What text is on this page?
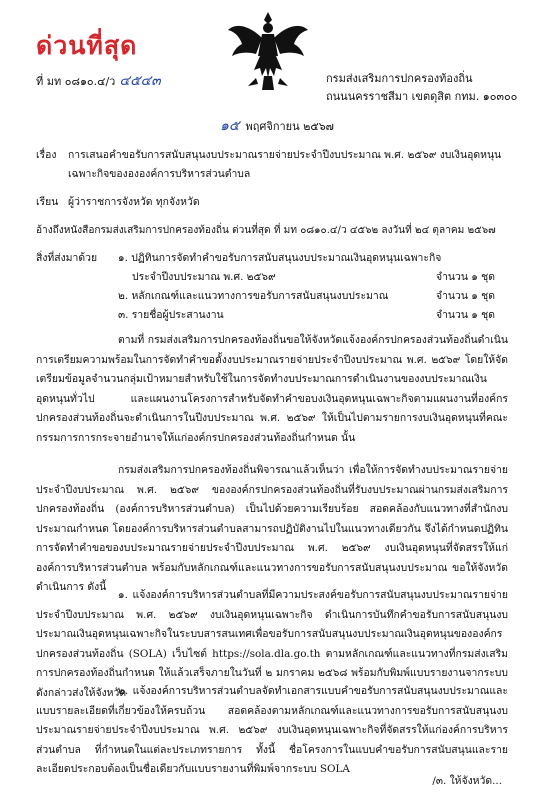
ด่วนที่สุด
ที่ มท ๐๘๑๐.๔/ว ๔๕๔๓	กรมส่งเสริมการปกครองท้องถิ่น
ถนนนครราชสีมา เขตดุสิต กทม. ๑๐๓๐๐
๑๕ พฤศจิกายน ๒๕๖๗
เรื่อง การเสนอคำขอรับการสนับสนุนงบประมาณรายจ่ายประจำปีงบประมาณ พ.ศ. ๒๕๖๙ งบเงินอุดหนุน
เฉพาะกิจของององค์การบริหารส่วนตำบล
เรียน ผู้ว่าราชการจังหวัด ทุกจังหวัด
อ้างถึงหนังสือกรมส่งเสริมการปกครองท้องถิ่น ด่วนที่สุด ที่ มท ๐๘๑๐.๔/ว ๔๕๖๒ ลงวันที่ ๒๔ ตุลาคม ๒๕๖๗
สิ่งที่ส่งมาด้วย	๑. ปฏิทินการจัดทำคำขอรับการสนับสนุนงบประมาณเงินอุดหนุนเฉพาะกิจ
ประจำปีงบประมาณ พ.ศ. ๒๕๖๙	จำนวน ๑ ชุด
๒. หลักเกณฑ์และแนวทางการขอรับการสนับสนุนงบประมาณ	จำนวน ๑ ชุด
๓. รายชื่อผู้ประสานงาน	จำนวน ๑ ชุด

ตามที่ กรมส่งเสริมการปกครองท้องถิ่นขอให้จังหวัดแจ้งองค์กรปกครองส่วนท้องถิ่นดำเนินการเตรียมความพร้อมในการจัดทำคำขอตั้งงบประมาณรายจ่ายประจำปีงบประมาณ พ.ศ. ๒๕๖๙ โดยให้จัดเตรียมข้อมูลจำนวนกลุ่มเป้าหมายสำหรับใช้ในการจัดทำงบประมาณการดำเนินงานของงบประมาณเงินอุดหนุนทั่วไป และแผนงานโครงการสำหรับจัดทำคำขอบงเงินอุดหนุนเฉพาะกิจตามแผนงานที่องค์กรปกครองส่วนท้องถิ่นจะดำเนินการในปีงบประมาณ พ.ศ. ๒๕๖๙ ให้เป็นไปตามรายการงบเงินอุดหนุนที่คณะกรรมการการกระจายอำนาจให้แก่องค์กรปกครองส่วนท้องถิ่นกำหนด นั้น

กรมส่งเสริมการปกครองท้องถิ่นพิจารณาแล้วเห็นว่า เพื่อให้การจัดทำงบประมาณรายจ่ายประจำปีงบประมาณ พ.ศ. ๒๕๖๙ ขององค์กรปกครองส่วนท้องถิ่นที่รับงบประมาณผ่านกรมส่งเสริมการปกครองท้องถิ่น (องค์การบริหารส่วนตำบล) เป็นไปด้วยความเรียบร้อย สอดคล้องกับแนวทางที่สำนักงบประมาณกำหนด โดยองค์การบริหารส่วนตำบลสามารถปฏิบัติงานไปในแนวทางเดียวกัน จึงได้กำหนดปฏิทินการจัดทำคำขอของบประมาณรายจ่ายประจำปีงบประมาณ พ.ศ. ๒๕๖๙ งบเงินอุดหนุนที่จัดสรรให้แก่องค์การบริหารส่วนตำบล พร้อมกับหลักเกณฑ์และแนวทางการขอรับการสนับสนุนงบประมาณ ขอให้จังหวัดดำเนินการ ดังนี้

๑. แจ้งองค์การบริหารส่วนตำบลที่มีความประสงค์ขอรับการสนับสนุนงบประมาณรายจ่ายประจำปีงบประมาณ พ.ศ. ๒๕๖๙ งบเงินอุดหนุนเฉพาะกิจ ดำเนินการบันทึกคำขอรับการสนับสนุนงบประมาณเงินอุดหนุนเฉพาะกิจในระบบสารสนเทศเพื่อขอรับการสนับสนุนงบประมาณเงินอุดหนุนขององค์กรปกครองส่วนท้องถิ่น (SOLA) เว็บไซต์ https://sola.dla.go.th ตามหลักเกณฑ์และแนวทางที่กรมส่งเสริมการปกครองท้องถิ่นกำหนด ให้แล้วเสร็จภายในวันที่ ๒ มกราคม ๒๕๖๘ พร้อมกับพิมพ์แบบรายงานจากระบบดังกล่าวส่งให้จังหวัด

๒. แจ้งองค์การบริหารส่วนตำบลจัดทำเอกสารแบบคำขอรับการสนับสนุนงบประมาณและแบบรายละเอียดที่เกี่ยวข้องให้ครบถ้วน สอดคล้องตามหลักเกณฑ์และแนวทางการขอรับการสนับสนุนงบประมาณรายจ่ายประจำปีงบประมาณ พ.ศ. ๒๕๖๙ งบเงินอุดหนุนเฉพาะกิจที่จัดสรรให้แก่องค์การบริหารส่วนตำบล ที่กำหนดในแต่ละประเภทรายการ ทั้งนี้ ชื่อโครงการในแบบคำขอรับการสนับสนุนและรายละเอียดประกอบต้องเป็นชื่อเดียวกับแบบรายงานที่พิมพ์จากระบบ SOLA

/๓. ให้จังหวัด...
